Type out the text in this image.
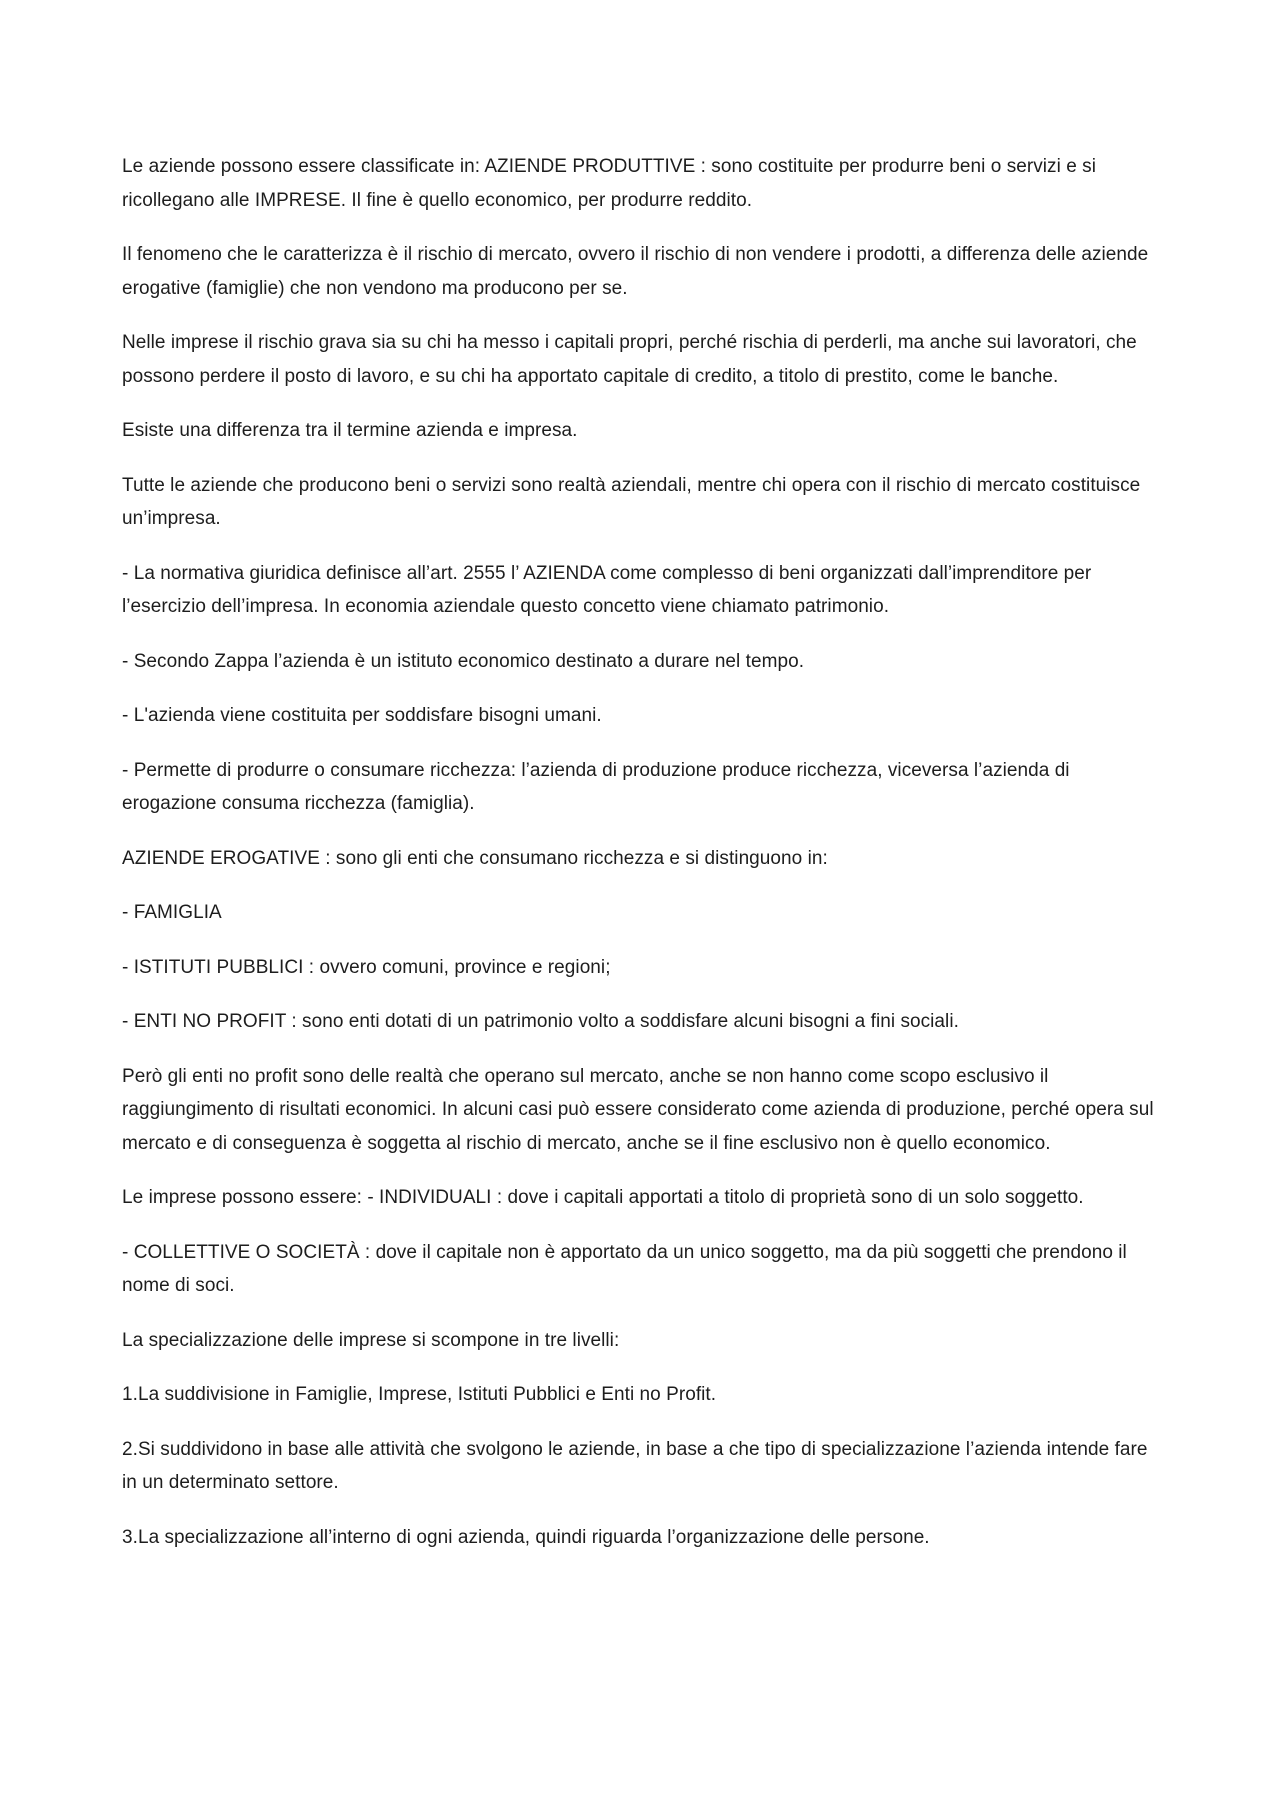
Le aziende possono essere classificate in: AZIENDE PRODUTTIVE : sono costituite per produrre beni o servizi e si ricollegano alle IMPRESE. Il fine è quello economico, per produrre reddito.

Il fenomeno che le caratterizza è il rischio di mercato, ovvero il rischio di non vendere i prodotti, a differenza delle aziende erogative (famiglie) che non vendono ma producono per se.

Nelle imprese il rischio grava sia su chi ha messo i capitali propri, perché rischia di perderli, ma anche sui lavoratori, che possono perdere il posto di lavoro, e su chi ha apportato capitale di credito, a titolo di prestito, come le banche.

Esiste una differenza tra il termine azienda e impresa.

Tutte le aziende che producono beni o servizi sono realtà aziendali, mentre chi opera con il rischio di mercato costituisce un’impresa.

- La normativa giuridica definisce all’art. 2555 l’ AZIENDA come complesso di beni organizzati dall’imprenditore per l’esercizio dell’impresa. In economia aziendale questo concetto viene chiamato patrimonio.

- Secondo Zappa l’azienda è un istituto economico destinato a durare nel tempo.

- L'azienda viene costituita per soddisfare bisogni umani.

- Permette di produrre o consumare ricchezza: l’azienda di produzione produce ricchezza, viceversa l’azienda di erogazione consuma ricchezza (famiglia).

AZIENDE EROGATIVE : sono gli enti che consumano ricchezza e si distinguono in:

- FAMIGLIA

- ISTITUTI PUBBLICI : ovvero comuni, province e regioni;

- ENTI NO PROFIT : sono enti dotati di un patrimonio volto a soddisfare alcuni bisogni a fini sociali.

Però gli enti no profit sono delle realtà che operano sul mercato, anche se non hanno come scopo esclusivo il raggiungimento di risultati economici. In alcuni casi può essere considerato come azienda di produzione, perché opera sul mercato e di conseguenza è soggetta al rischio di mercato, anche se il fine esclusivo non è quello economico.

Le imprese possono essere: - INDIVIDUALI : dove i capitali apportati a titolo di proprietà sono di un solo soggetto.

- COLLETTIVE O SOCIETÀ : dove il capitale non è apportato da un unico soggetto, ma da più soggetti che prendono il nome di soci.

La specializzazione delle imprese si scompone in tre livelli:

1.La suddivisione in Famiglie, Imprese, Istituti Pubblici e Enti no Profit.

2.Si suddividono in base alle attività che svolgono le aziende, in base a che tipo di specializzazione l’azienda intende fare in un determinato settore.

3.La specializzazione all’interno di ogni azienda, quindi riguarda l’organizzazione delle persone.
